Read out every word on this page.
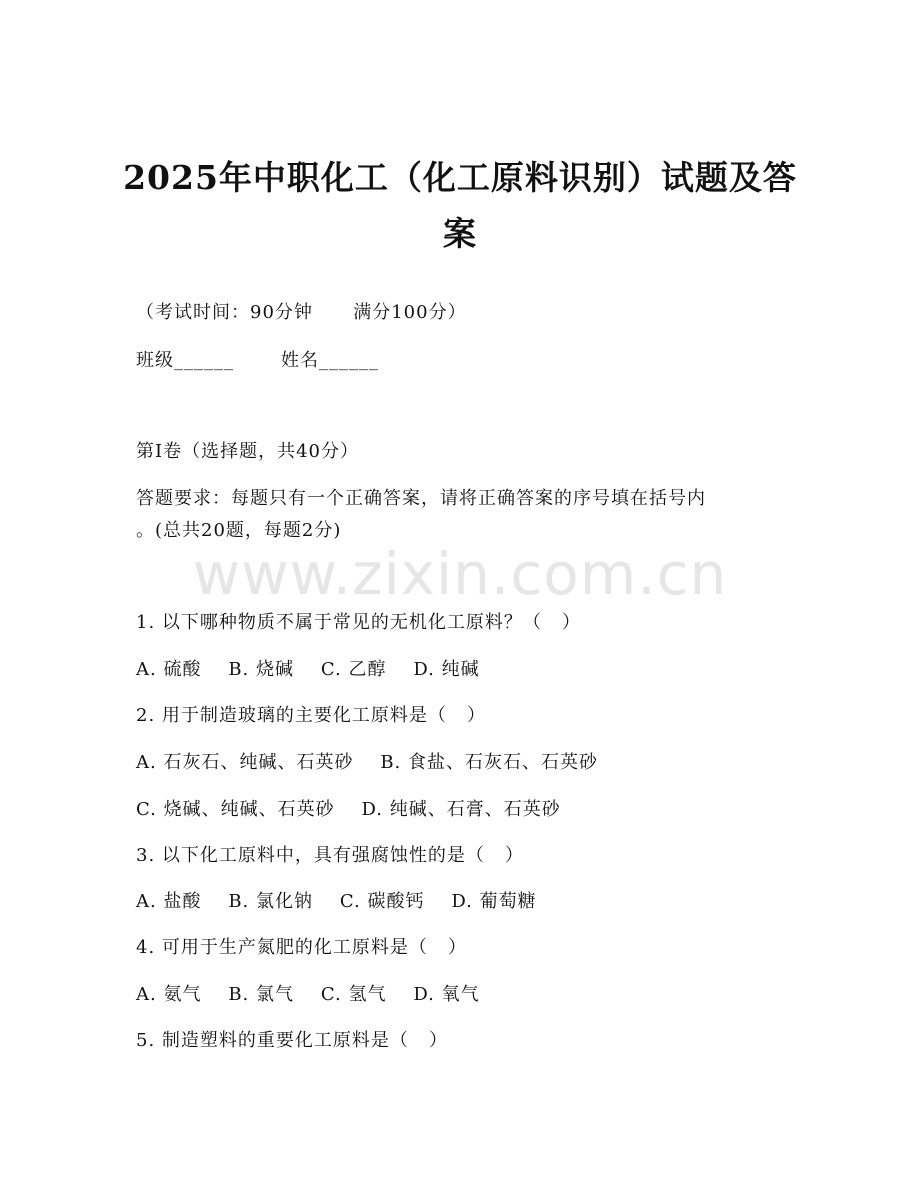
www.zixin.com.cn
2025年中职化工（化工原料识别）试题及答
案
（考试时间：90分钟      满分100分）
班级______       姓名______
第I卷（选择题，共40分）
答题要求：每题只有一个正确答案，请将正确答案的序号填在括号内
。(总共20题，每题2分)
1. 以下哪种物质不属于常见的无机化工原料？（   ）
A. 硫酸    B. 烧碱    C. 乙醇    D. 纯碱
2. 用于制造玻璃的主要化工原料是（   ）
A. 石灰石、纯碱、石英砂    B. 食盐、石灰石、石英砂
C. 烧碱、纯碱、石英砂    D. 纯碱、石膏、石英砂
3. 以下化工原料中，具有强腐蚀性的是（   ）
A. 盐酸    B. 氯化钠    C. 碳酸钙    D. 葡萄糖
4. 可用于生产氮肥的化工原料是（   ）
A. 氨气    B. 氯气    C. 氢气    D. 氧气
5. 制造塑料的重要化工原料是（   ）
